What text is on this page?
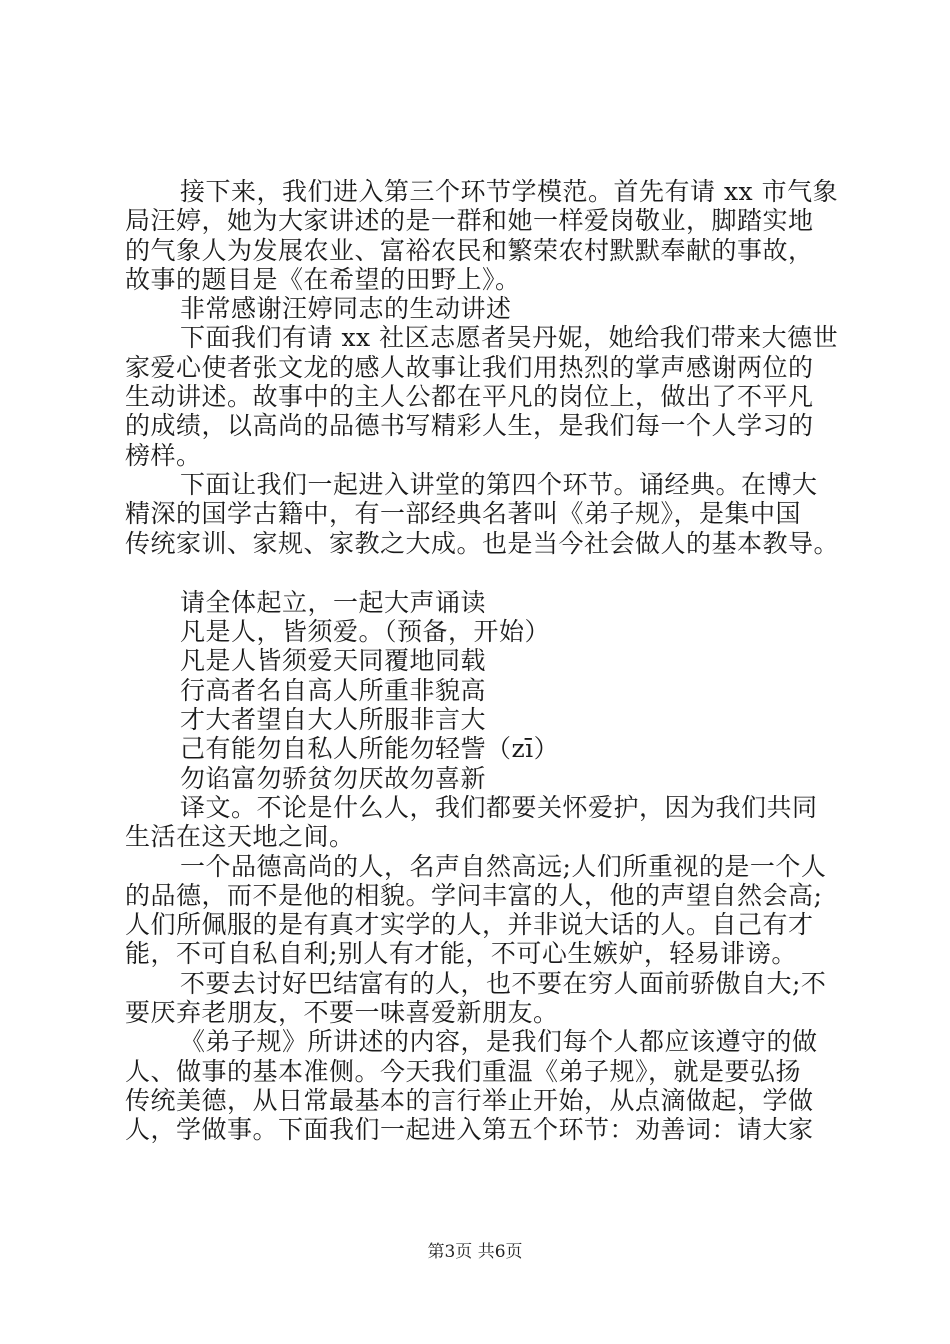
接下来，我们进入第三个环节学模范。首先有请 xx 市气象
局汪婷，她为大家讲述的是一群和她一样爱岗敬业，脚踏实地
的气象人为发展农业、富裕农民和繁荣农村默默奉献的事故，
故事的题目是《在希望的田野上》。
非常感谢汪婷同志的生动讲述
下面我们有请 xx 社区志愿者吴丹妮，她给我们带来大德世
家爱心使者张文龙的感人故事让我们用热烈的掌声感谢两位的
生动讲述。故事中的主人公都在平凡的岗位上，做出了不平凡
的成绩，以高尚的品德书写精彩人生，是我们每一个人学习的
榜样。
下面让我们一起进入讲堂的第四个环节。诵经典。在博大
精深的国学古籍中，有一部经典名著叫《弟子规》，是集中国
传统家训、家规、家教之大成。也是当今社会做人的基本教导。
请全体起立，一起大声诵读
凡是人，皆须爱。（预备，开始）
凡是人皆须爱天同覆地同载
行高者名自高人所重非貌高
才大者望自大人所服非言大
己有能勿自私人所能勿轻訾（zī）
勿谄富勿骄贫勿厌故勿喜新
译文。不论是什么人，我们都要关怀爱护，因为我们共同
生活在这天地之间。
一个品德高尚的人，名声自然高远;人们所重视的是一个人
的品德，而不是他的相貌。学问丰富的人，他的声望自然会高;
人们所佩服的是有真才实学的人，并非说大话的人。自己有才
能，不可自私自利;别人有才能，不可心生嫉妒，轻易诽谤。
不要去讨好巴结富有的人，也不要在穷人面前骄傲自大;不
要厌弃老朋友，不要一味喜爱新朋友。
《弟子规》所讲述的内容，是我们每个人都应该遵守的做
人、做事的基本准侧。今天我们重温《弟子规》，就是要弘扬
传统美德，从日常最基本的言行举止开始，从点滴做起，学做
人，学做事。下面我们一起进入第五个环节：劝善词：请大家
第3页 共6页
